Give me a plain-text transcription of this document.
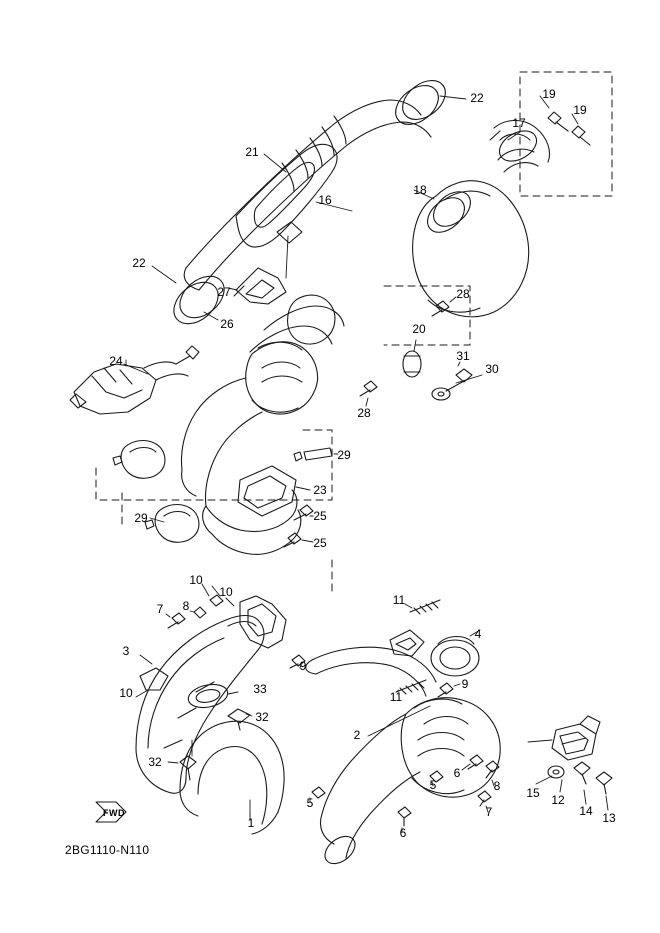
FWD
2BG1110-N110
22	19
19
17
21
16
18
22
27	28
26	20
31
24
30
28
29
23
29	25
25
10
10
11
7 8
4
3
9
10	11
9
33
32
2
32
6
8
5
15 12
14 13
7
5
6
1
